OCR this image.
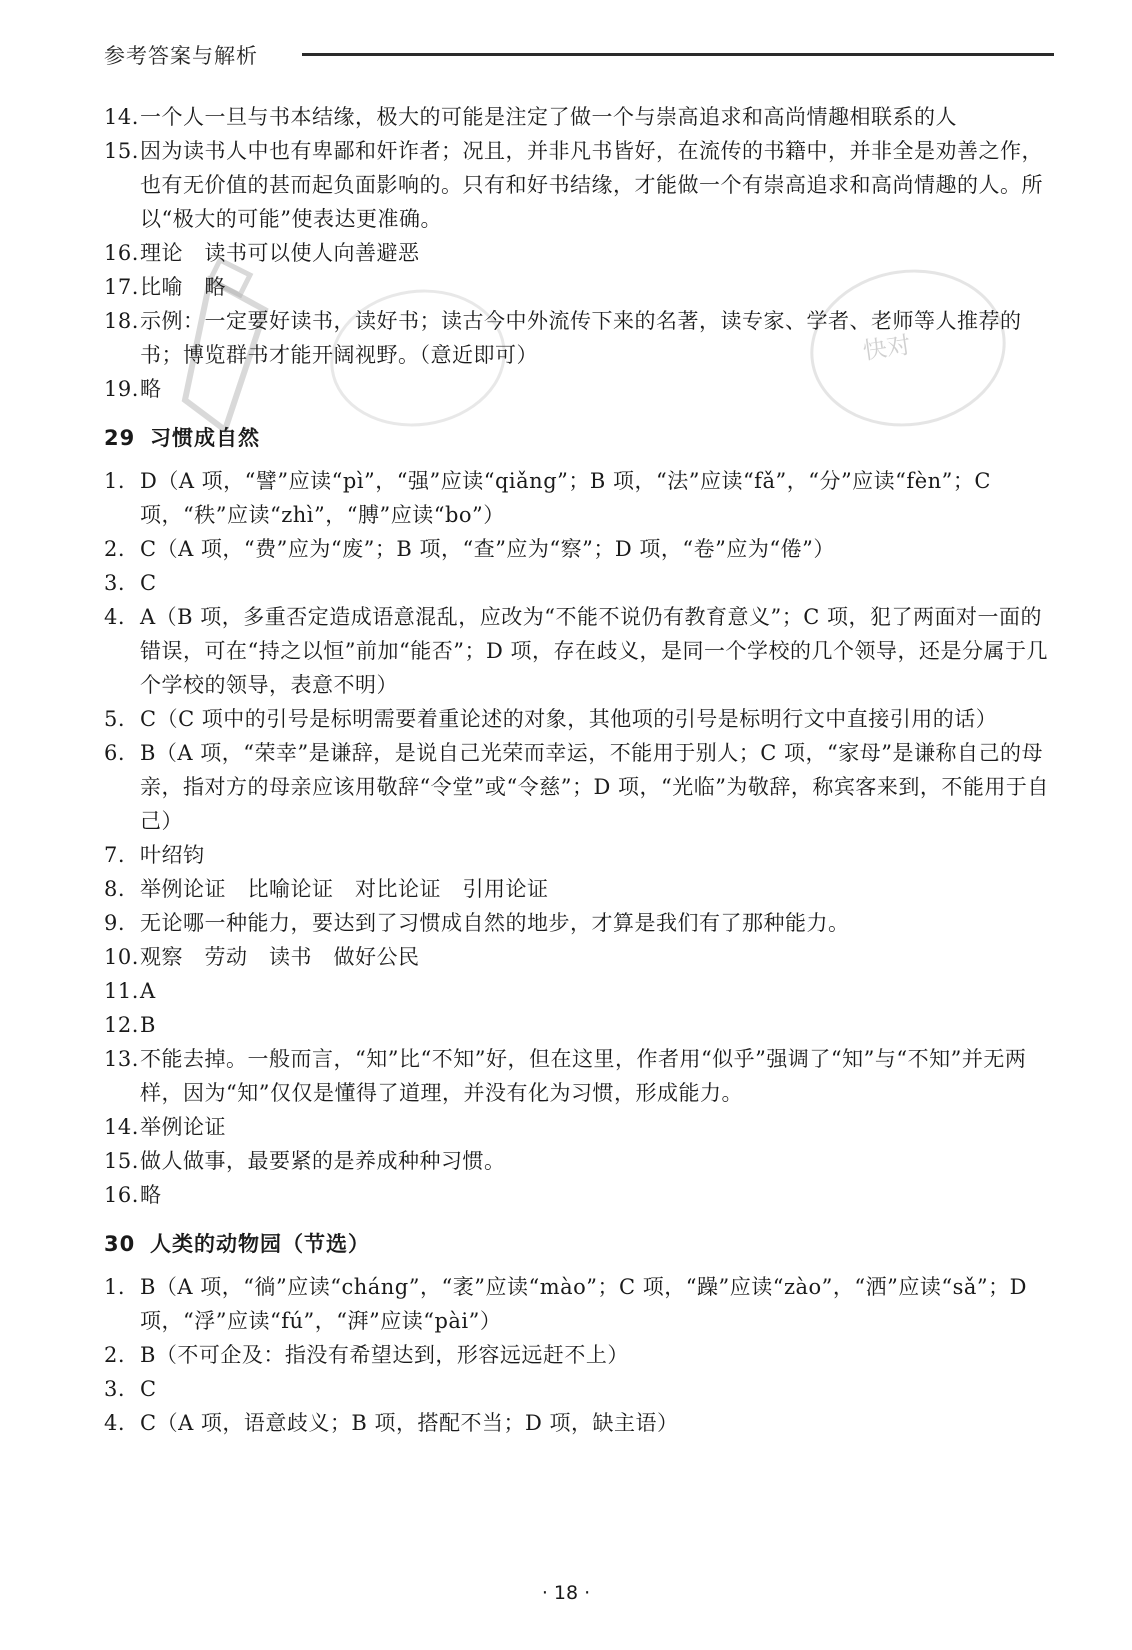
参考答案与解析
快对
14. 一个人一旦与书本结缘，极大的可能是注定了做一个与崇高追求和高尚情趣相联系的人
15. 因为读书人中也有卑鄙和奸诈者；况且，并非凡书皆好，在流传的书籍中，并非全是劝善之作，也有无价值的甚而起负面影响的。只有和好书结缘，才能做一个有崇高追求和高尚情趣的人。所以“极大的可能”使表达更准确。
16. 理论　读书可以使人向善避恶
17. 比喻　略
18. 示例：一定要好读书，读好书；读古今中外流传下来的名著，读专家、学者、老师等人推荐的书；博览群书才能开阔视野。（意近即可）
19. 略
29 习惯成自然
1. D（A 项，“譬”应读“pì”，“强”应读“qiǎng”；B 项，“法”应读“fǎ”，“分”应读“fèn”；C 项，“秩”应读“zhì”，“膊”应读“bo”）
2. C（A 项，“费”应为“废”；B 项，“查”应为“察”；D 项，“卷”应为“倦”）
3. C
4. A（B 项，多重否定造成语意混乱，应改为“不能不说仍有教育意义”；C 项，犯了两面对一面的错误，可在“持之以恒”前加“能否”；D 项，存在歧义，是同一个学校的几个领导，还是分属于几个学校的领导，表意不明）
5. C（C 项中的引号是标明需要着重论述的对象，其他项的引号是标明行文中直接引用的话）
6. B（A 项，“荣幸”是谦辞，是说自己光荣而幸运，不能用于别人；C 项，“家母”是谦称自己的母亲，指对方的母亲应该用敬辞“令堂”或“令慈”；D 项，“光临”为敬辞，称宾客来到，不能用于自己）
7. 叶绍钧
8. 举例论证　比喻论证　对比论证　引用论证
9. 无论哪一种能力，要达到了习惯成自然的地步，才算是我们有了那种能力。
10. 观察　劳动　读书　做好公民
11. A
12. B
13. 不能去掉。一般而言，“知”比“不知”好，但在这里，作者用“似乎”强调了“知”与“不知”并无两样，因为“知”仅仅是懂得了道理，并没有化为习惯，形成能力。
14. 举例论证
15. 做人做事，最要紧的是养成种种习惯。
16. 略
30 人类的动物园（节选）
1. B（A 项，“徜”应读“cháng”，“袤”应读“mào”；C 项，“躁”应读“zào”，“洒”应读“sǎ”；D 项，“浮”应读“fú”，“湃”应读“pài”）
2. B（不可企及：指没有希望达到，形容远远赶不上）
3. C
4. C（A 项，语意歧义；B 项，搭配不当；D 项，缺主语）
· 18 ·
